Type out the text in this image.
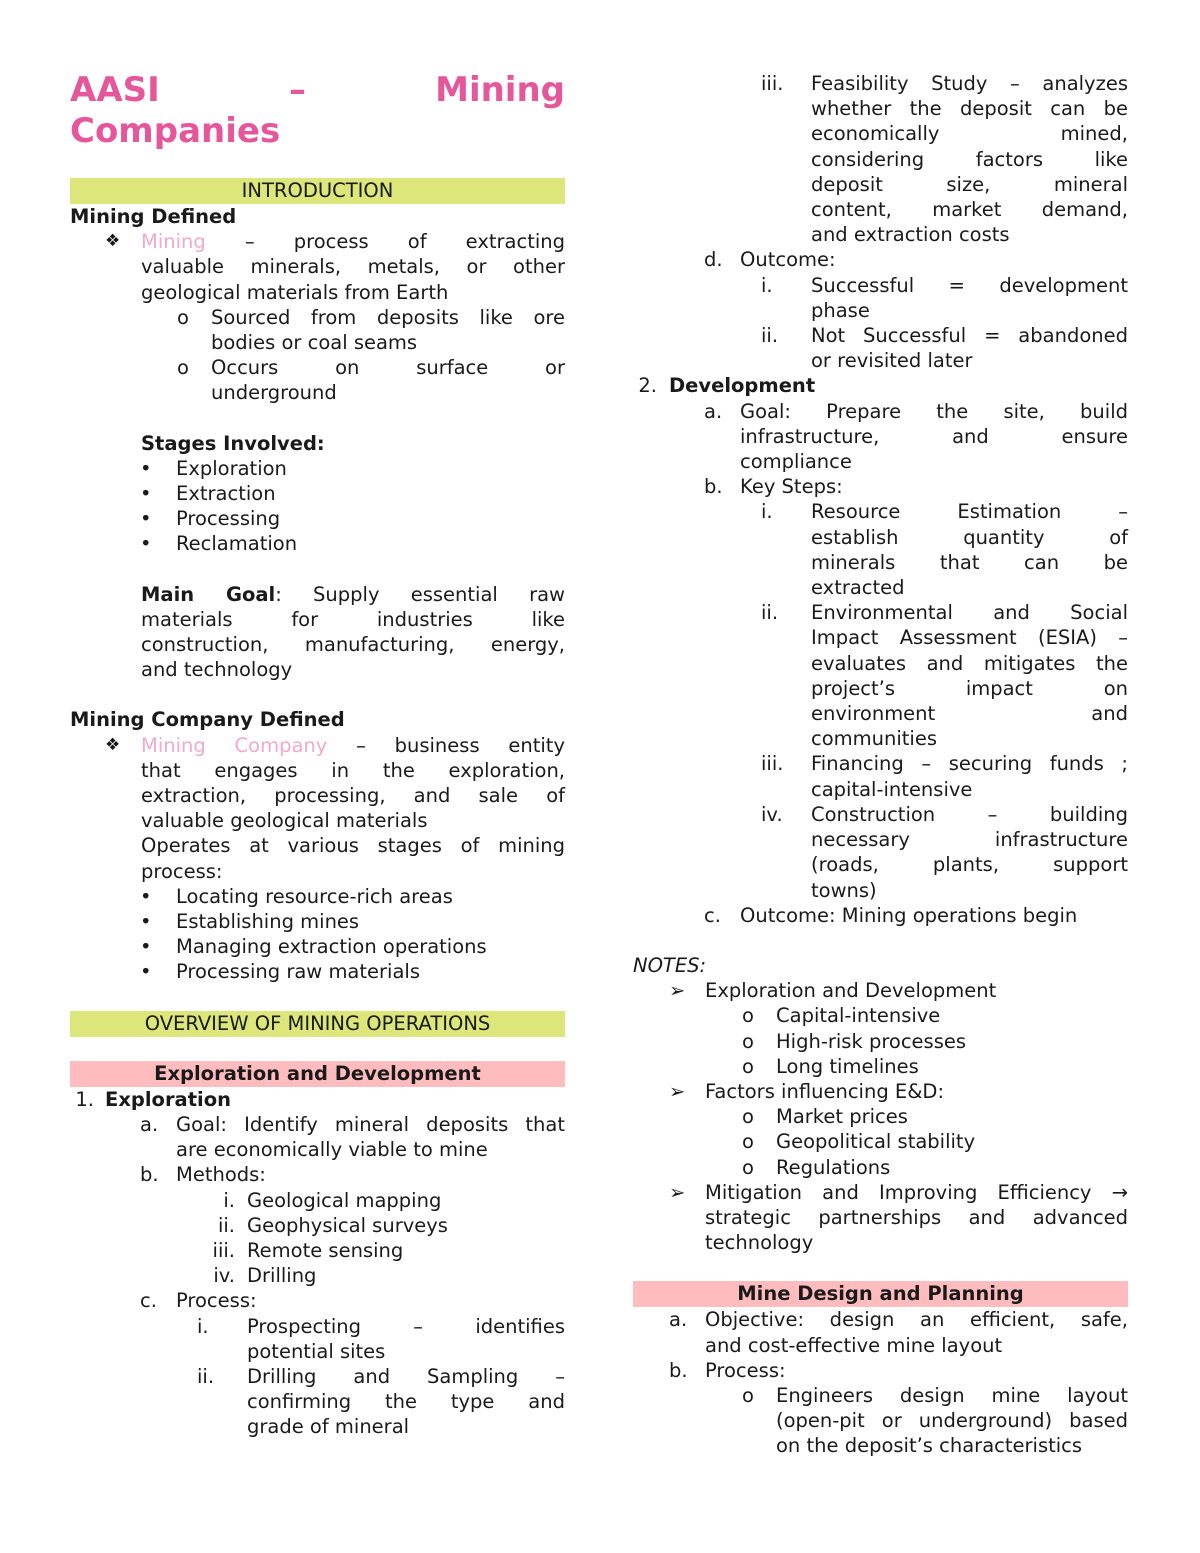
AASI	–	Mining
Companies
INTRODUCTION
Mining Defined
❖ Mining – process of extracting
valuable minerals, metals, or other
geological materials from Earth
o Sourced from deposits like ore
bodies or coal seams
o Occurs on surface or
underground
Stages Involved:
• Exploration
• Extraction
• Processing
• Reclamation
Main Goal: Supply essential raw
materials for industries like
construction, manufacturing, energy,
and technology
Mining Company Defined
❖ Mining Company – business entity
that engages in the exploration,
extraction, processing, and sale of
valuable geological materials
Operates at various stages of mining
process:
• Locating resource-rich areas
• Establishing mines
• Managing extraction operations
• Processing raw materials
OVERVIEW OF MINING OPERATIONS
Exploration and Development
1. Exploration
a. Goal: Identify mineral deposits that
are economically viable to mine
b. Methods:
i. Geological mapping
ii. Geophysical surveys
iii. Remote sensing
iv. Drilling
c. Process:
i.	Prospecting – identifies
potential sites
ii.	Drilling and Sampling –
confirming the type and
grade of mineral
iii.	Feasibility Study – analyzes
whether the deposit can be
economically mined,
considering factors like
deposit size, mineral
content, market demand,
and extraction costs
d. Outcome:
i.	Successful = development
phase
ii.	Not Successful = abandoned
or revisited later
2. Development
a. Goal: Prepare the site, build
infrastructure, and ensure
compliance
b. Key Steps:
i.	Resource Estimation –
establish quantity of
minerals that can be
extracted
ii.	Environmental and Social
Impact Assessment (ESIA) –
evaluates and mitigates the
project’s impact on
environment and
communities
iii.	Financing – securing funds ;
capital-intensive
iv.	Construction – building
necessary infrastructure
(roads, plants, support
towns)
c. Outcome: Mining operations begin
NOTES:
➢ Exploration and Development
o Capital-intensive
o High-risk processes
o Long timelines
➢ Factors influencing E&D:
o Market prices
o Geopolitical stability
o Regulations
➢ Mitigation and Improving Efficiency →
strategic partnerships and advanced
technology
Mine Design and Planning
a. Objective: design an efficient, safe,
and cost-effective mine layout
b. Process:
o Engineers design mine layout
(open-pit or underground) based
on the deposit’s characteristics
